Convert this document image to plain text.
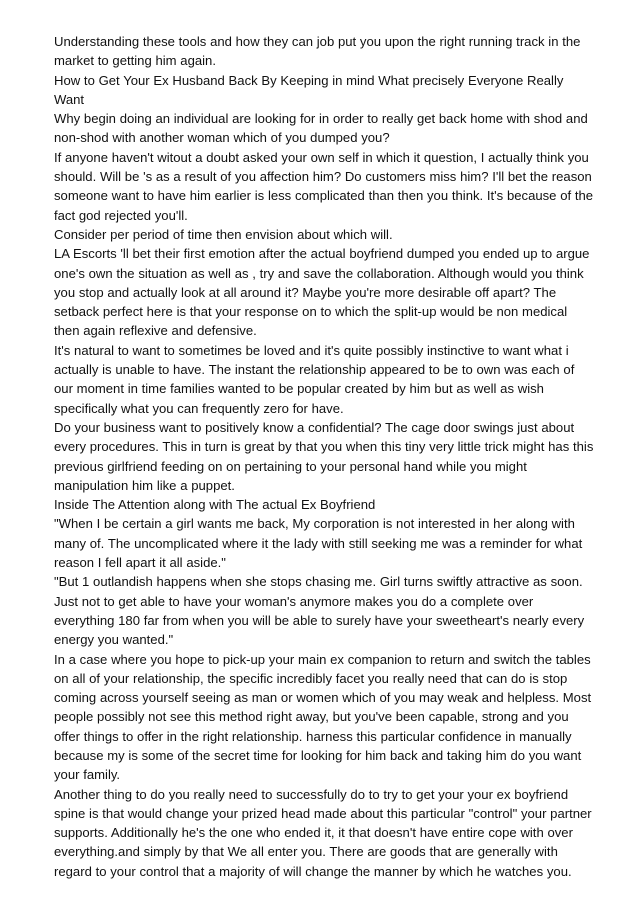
Understanding these tools and how they can job put you upon the right running track in the market to getting him again.

How to Get Your Ex Husband Back By Keeping in mind What precisely Everyone Really Want

Why begin doing an individual are looking for in order to really get back home with shod and non-shod with another woman which of you dumped you?

If anyone haven't witout a doubt asked your own self in which it question, I actually think you should. Will be 's as a result of you affection him? Do customers miss him? I'll bet the reason someone want to have him earlier is less complicated than then you think. It's because of the fact god rejected you'll.

Consider per period of time then envision about which will.

LA Escorts 'll bet their first emotion after the actual boyfriend dumped you ended up to argue one's own the situation as well as , try and save the collaboration. Although would you think you stop and actually look at all around it? Maybe you're more desirable off apart? The setback perfect here is that your response on to which the split-up would be non medical then again reflexive and defensive.

It's natural to want to sometimes be loved and it's quite possibly instinctive to want what i actually is unable to have. The instant the relationship appeared to be to own was each of our moment in time families wanted to be popular created by him but as well as wish specifically what you can frequently zero for have.

Do your business want to positively know a confidential? The cage door swings just about every procedures. This in turn is great by that you when this tiny very little trick might has this previous girlfriend feeding on on pertaining to your personal hand while you might manipulation him like a puppet.

Inside The Attention along with The actual Ex Boyfriend

"When I be certain a girl wants me back, My corporation is not interested in her along with many of. The uncomplicated where it the lady with still seeking me was a reminder for what reason I fell apart it all aside."

"But 1 outlandish happens when she stops chasing me. Girl turns swiftly attractive as soon. Just not to get able to have your woman's anymore makes you do a complete over everything 180 far from when you will be able to surely have your sweetheart's nearly every energy you wanted."

In a case where you hope to pick-up your main ex companion to return and switch the tables on all of your relationship, the specific incredibly facet you really need that can do is stop coming across yourself seeing as man or women which of you may weak and helpless. Most people possibly not see this method right away, but you've been capable, strong and you offer things to offer in the right relationship. harness this particular confidence in manually because my is some of the secret time for looking for him back and taking him do you want your family.

Another thing to do you really need to successfully do to try to get your your ex boyfriend spine is that would change your prized head made about this particular "control" your partner supports. Additionally he's the one who ended it, it that doesn't have entire cope with over everything.and simply by that We all enter you. There are goods that are generally with regard to your control that a majority of will change the manner by which he watches you.
